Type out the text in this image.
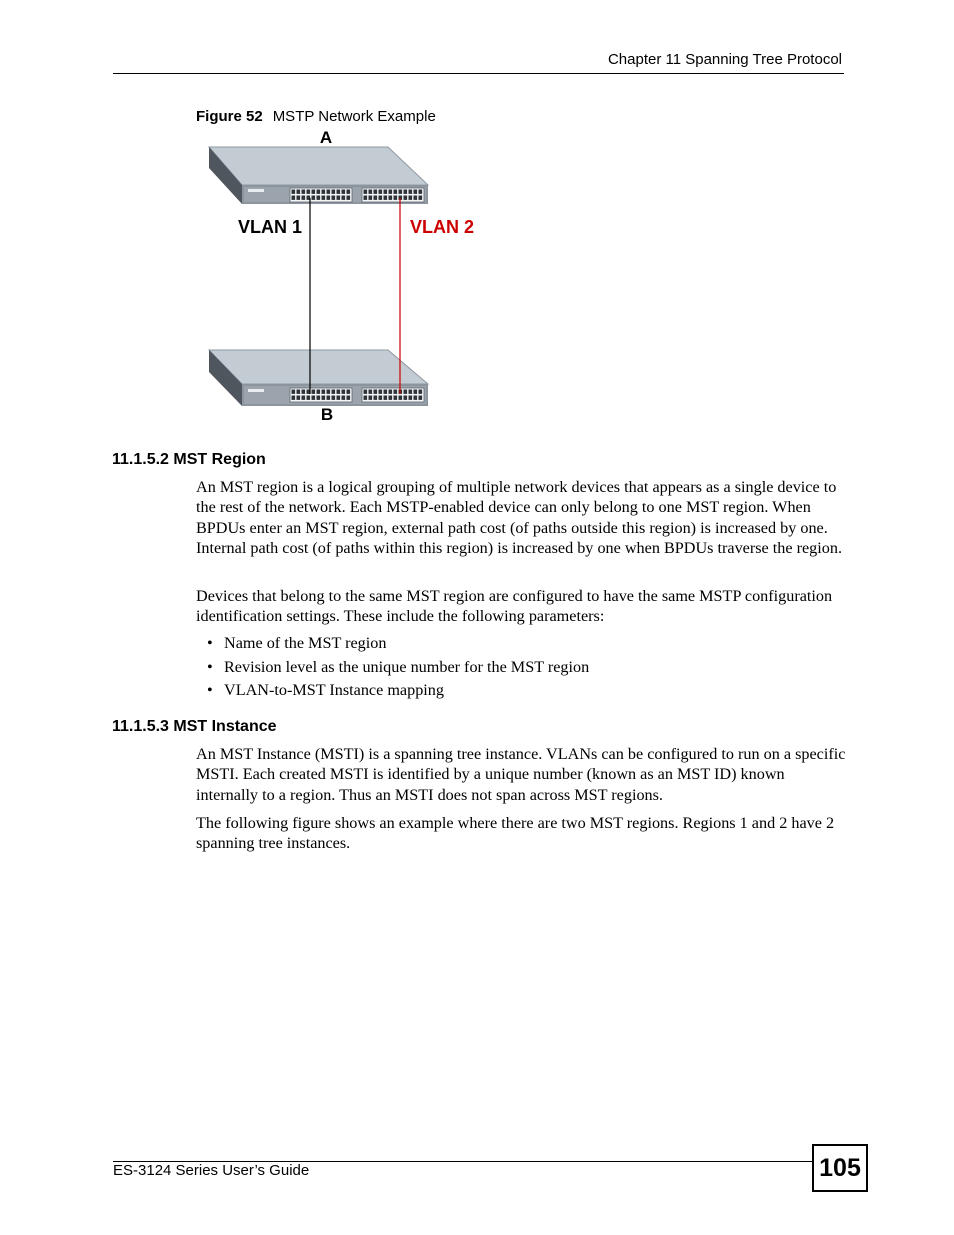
Chapter 11 Spanning Tree Protocol
Figure 52 MSTP Network Example
A
B
VLAN 1	VLAN 2
11.1.5.2 MST Region

An MST region is a logical grouping of multiple network devices that appears as a single device to the rest of the network. Each MSTP-enabled device can only belong to one MST region. When BPDUs enter an MST region, external path cost (of paths outside this region) is increased by one. Internal path cost (of paths within this region) is increased by one when BPDUs traverse the region.

Devices that belong to the same MST region are configured to have the same MSTP configuration identification settings. These include the following parameters:

• Name of the MST region
• Revision level as the unique number for the MST region
• VLAN-to-MST Instance mapping
11.1.5.3 MST Instance

An MST Instance (MSTI) is a spanning tree instance. VLANs can be configured to run on a specific MSTI. Each created MSTI is identified by a unique number (known as an MST ID) known internally to a region. Thus an MSTI does not span across MST regions.

The following figure shows an example where there are two MST regions. Regions 1 and 2 have 2 spanning tree instances.

ES-3124 Series User’s Guide	105
